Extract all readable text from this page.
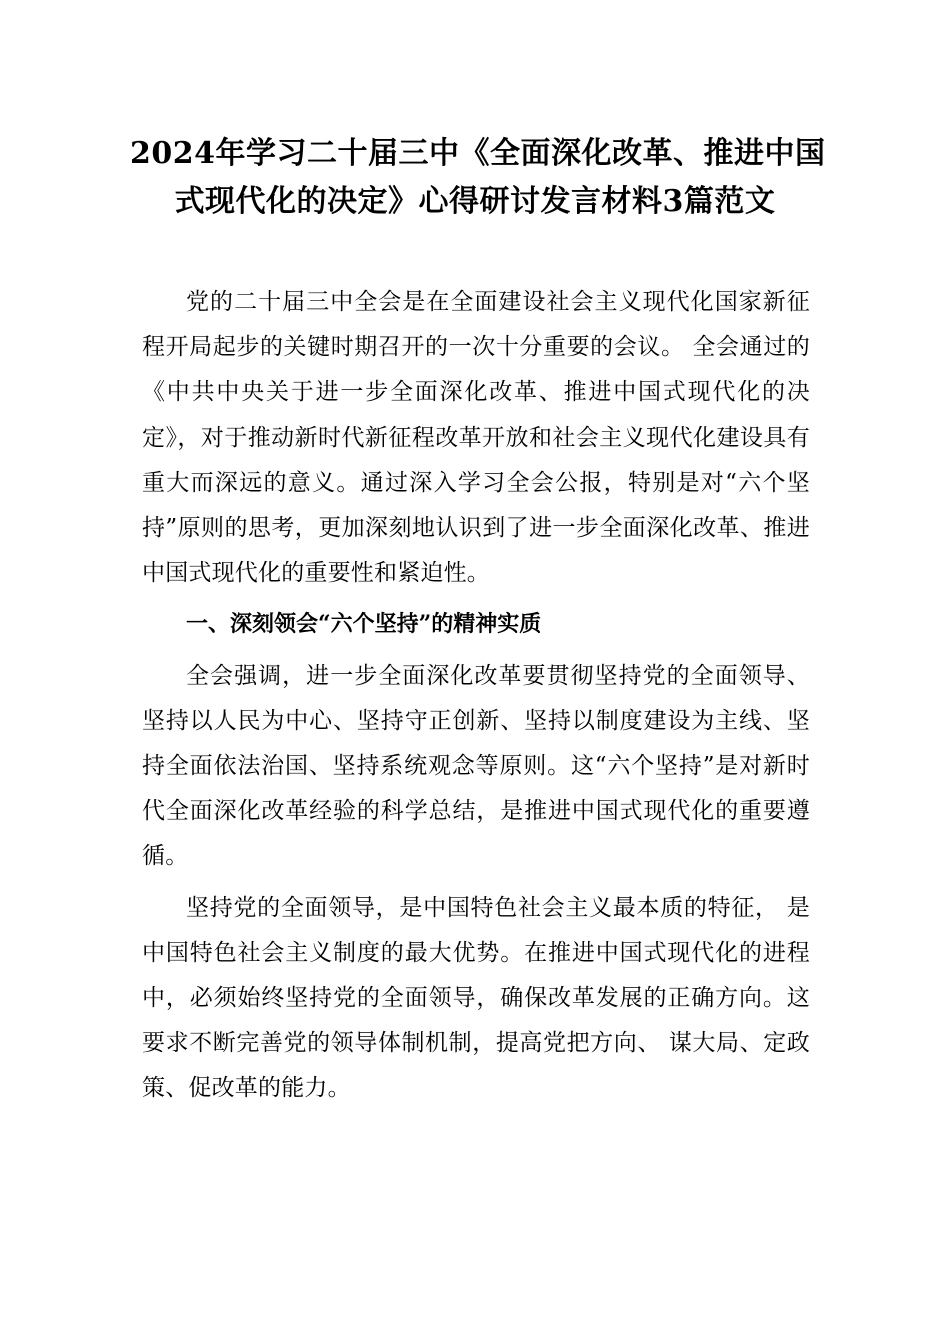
2024年学习二十届三中《全面深化改革、推进中国
式现代化的决定》心得研讨发言材料3篇范文

党的二十届三中全会是在全面建设社会主义现代化国家新征程开局起步的关键时期召开的一次十分重要的会议。 全会通过的《中共中央关于进一步全面深化改革、推进中国式现代化的决定》，对于推动新时代新征程改革开放和社会主义现代化建设具有重大而深远的意义。通过深入学习全会公报，特别是对“六个坚持”原则的思考，更加深刻地认识到了进一步全面深化改革、推进中国式现代化的重要性和紧迫性。

一、深刻领会“六个坚持”的精神实质

全会强调，进一步全面深化改革要贯彻坚持党的全面领导、坚持以人民为中心、坚持守正创新、坚持以制度建设为主线、坚持全面依法治国、坚持系统观念等原则。这“六个坚持”是对新时代全面深化改革经验的科学总结，是推进中国式现代化的重要遵循。

坚持党的全面领导，是中国特色社会主义最本质的特征， 是中国特色社会主义制度的最大优势。在推进中国式现代化的进程中，必须始终坚持党的全面领导，确保改革发展的正确方向。这要求不断完善党的领导体制机制，提高党把方向、 谋大局、定政策、促改革的能力。
